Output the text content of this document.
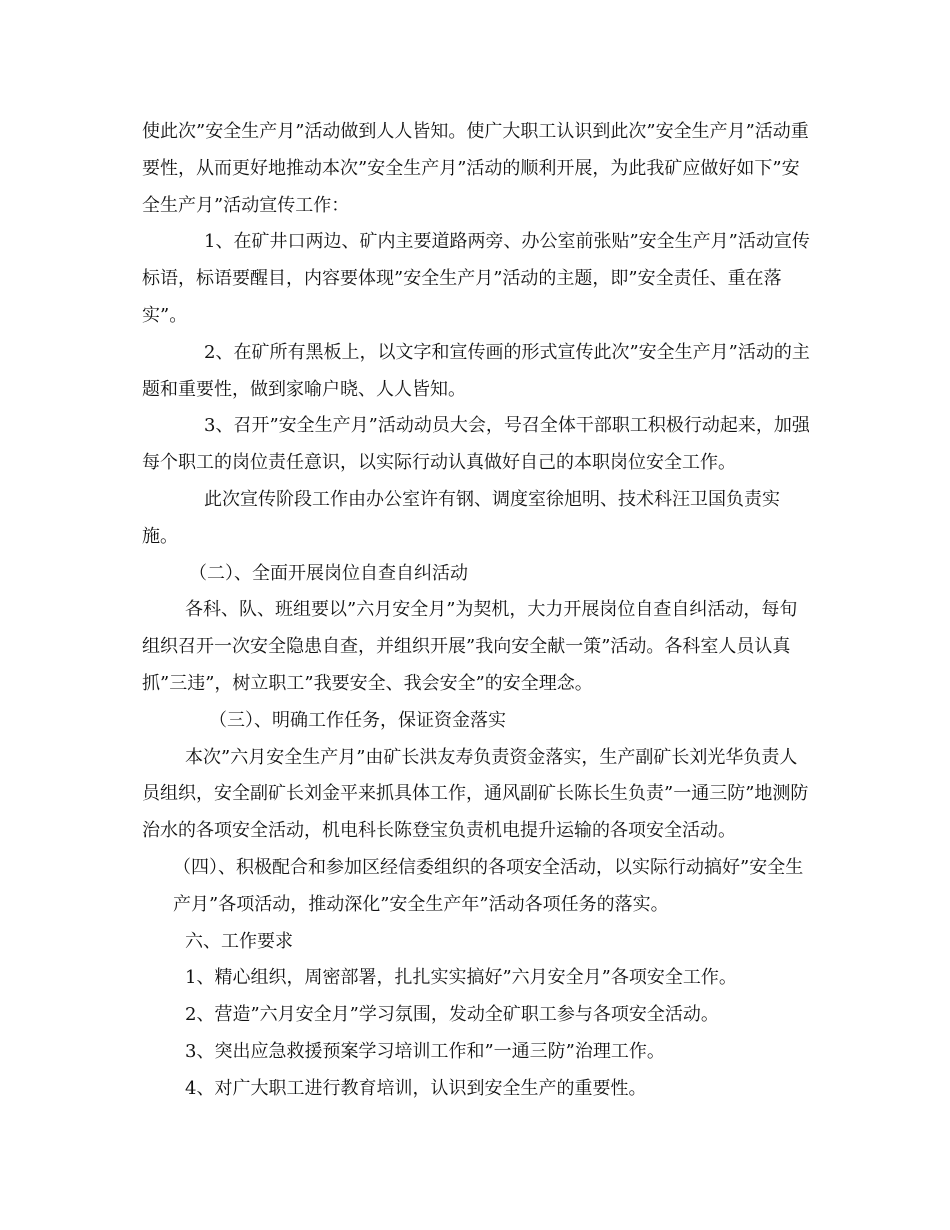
使此次”安全生产月”活动做到人人皆知。使广大职工认识到此次”安全生产月”活动重要性，从而更好地推动本次”安全生产月”活动的顺利开展，为此我矿应做好如下”安全生产月”活动宣传工作：

1、在矿井口两边、矿内主要道路两旁、办公室前张贴”安全生产月”活动宣传标语，标语要醒目，内容要体现”安全生产月”活动的主题，即”安全责任、重在落实”。

2、在矿所有黑板上，以文字和宣传画的形式宣传此次”安全生产月”活动的主题和重要性，做到家喻户晓、人人皆知。

3、召开”安全生产月”活动动员大会，号召全体干部职工积极行动起来，加强每个职工的岗位责任意识，以实际行动认真做好自己的本职岗位安全工作。

此次宣传阶段工作由办公室许有钢、调度室徐旭明、技术科汪卫国负责实施。

（二）、全面开展岗位自查自纠活动

各科、队、班组要以”六月安全月”为契机，大力开展岗位自查自纠活动，每旬组织召开一次安全隐患自查，并组织开展”我向安全献一策”活动。各科室人员认真抓”三违”，树立职工”我要安全、我会安全”的安全理念。

（三）、明确工作任务，保证资金落实

本次”六月安全生产月”由矿长洪友寿负责资金落实，生产副矿长刘光华负责人员组织，安全副矿长刘金平来抓具体工作，通风副矿长陈长生负责”一通三防”地测防治水的各项安全活动，机电科长陈登宝负责机电提升运输的各项安全活动。

（四）、积极配合和参加区经信委组织的各项安全活动，以实际行动搞好”安全生产月”各项活动，推动深化”安全生产年”活动各项任务的落实。

六、工作要求

1、精心组织，周密部署，扎扎实实搞好”六月安全月”各项安全工作。

2、营造”六月安全月”学习氛围，发动全矿职工参与各项安全活动。

3、突出应急救援预案学习培训工作和”一通三防”治理工作。

4、对广大职工进行教育培训，认识到安全生产的重要性。
